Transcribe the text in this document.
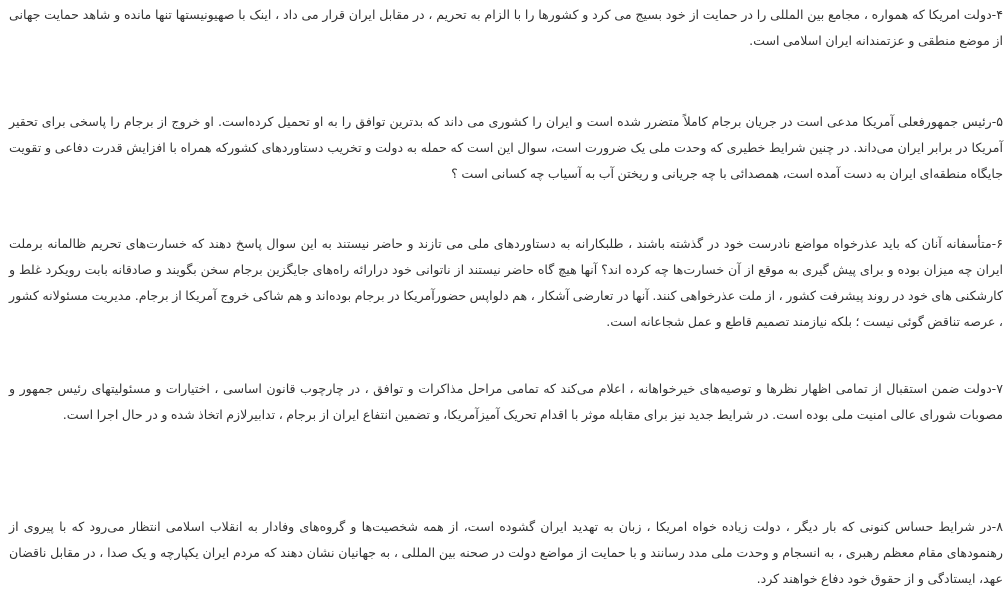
۴-دولت امریکا که همواره ، مجامع بین المللی را در حمایت از خود بسیج می کرد و کشورها را با الزام به تحریم ، در مقابل ایران قرار می داد ، اینک با صهیونیستها تنها مانده و شاهد حمایت جهانی از موضع منطقی و عزتمندانه ایران اسلامی است.

۵-رئیس جمهورفعلی آمریکا مدعی است در جریان برجام کاملاً متضرر شده است و ایران را کشوری می داند که بدترین توافق را به او تحمیل کرده‌است. او خروج از برجام را پاسخی برای تحقیر آمریکا در برابر ایران می‌داند. در چنین شرایط خطیری که وحدت ملی یک ضرورت است، سوال این است که حمله به دولت و تخریب دستاوردهای کشورکه همراه با افزایش قدرت دفاعی و تقویت جایگاه منطقه‌ای ایران به دست آمده است، همصدائی با چه جریانی و ریختن آب به آسیاب چه کسانی است ؟

۶-متأسفانه آنان که باید عذرخواه مواضع نادرست خود در گذشته باشند ، طلبکارانه به دستاوردهای ملی می تازند و حاضر نیستند به این سوال پاسخ دهند که خسارت‌های تحریم ظالمانه برملت ایران چه میزان بوده و برای پیش گیری به موقع از آن خسارت‌ها چه کرده اند؟ آنها هیچ گاه حاضر نیستند از ناتوانی خود درارائه راه‌های جایگزین برجام سخن بگویند و صادقانه بابت رویکرد غلط و کارشکنی های خود در روند پیشرفت کشور ، از ملت عذرخواهی کنند. آنها در تعارضی آشکار ، هم دلواپس حضورآمریکا در برجام بوده‌اند و هم شاکی خروج آمریکا از برجام. مدیریت مسئولانه کشور ، عرصه تناقض گوئی نیست ؛ بلکه نیازمند تصمیم قاطع و عمل شجاعانه است.

۷-دولت ضمن استقبال از تمامی اظهار نظرها و توصیه‌های خیرخواهانه ، اعلام می‌کند که تمامی مراحل مذاکرات و توافق ، در چارچوب قانون اساسی ، اختیارات و مسئولیتهای رئیس جمهور و مصوبات شورای عالی امنیت ملی بوده است. در شرایط جدید نیز برای مقابله موثر با اقدام تحریک آمیزآمریکا، و تضمین انتفاع ایران از برجام ، تدابیرلازم اتخاذ شده و در حال اجرا است.

۸-در شرایط حساس کنونی که بار دیگر ، دولت زیاده خواه امریکا ، زبان به تهدید ایران گشوده است، از همه شخصیت‌ها و گروه‌های وفادار به انقلاب اسلامی انتظار می‌رود که با پیروی از رهنمودهای مقام معظم رهبری ، به انسجام و وحدت ملی مدد رسانند و با حمایت از مواضع دولت در صحنه بین المللی ، به جهانیان نشان دهند که مردم ایران یکپارچه و یک صدا ، در مقابل ناقضان عهد، ایستادگی و از حقوق خود دفاع خواهند کرد.
